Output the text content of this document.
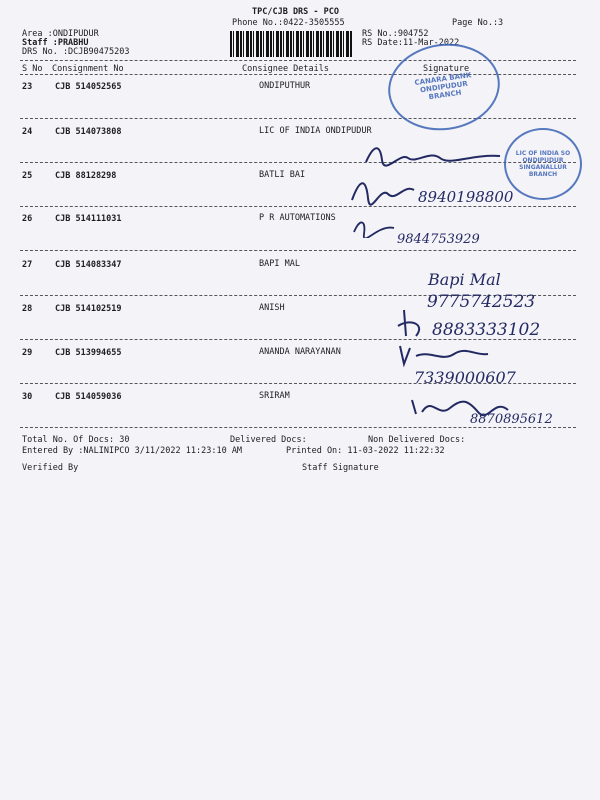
TPC/CJB DRS - PCO
Phone No.:0422-3505555	Page No.:3
Area :ONDIPUDUR
Staff :PRABHU
DRS No. :DCJB90475203
RS No.:904752
RS Date:11-Mar-2022
S No Consignment No	Consignee Details	Signature
23	CJB 514052565	ONDIPUTHUR
24	CJB 514073808	LIC OF INDIA ONDIPUDUR
25	CJB 88128298	BATLI BAI
26	CJB 514111031	P R AUTOMATIONS
27	CJB 514083347	BAPI MAL
28	CJB 514102519	ANISH
29	CJB 513994655	ANANDA NARAYANAN
30	CJB 514059036	SRIRAM
CANARA BANK ONDIPUDUR BRANCH
LIC OF INDIA SO ONDIPUDUR SINGANALLUR BRANCH
8940198800
9844753929
Bapi Mal
9775742523
8883333102
7339000607
8870895612
Total No. Of Docs: 30	Delivered Docs:	Non Delivered Docs:
Entered By :NALINIPCO 3/11/2022 11:23:10 AM	Printed On: 11-03-2022 11:22:32
Verified By	Staff Signature
